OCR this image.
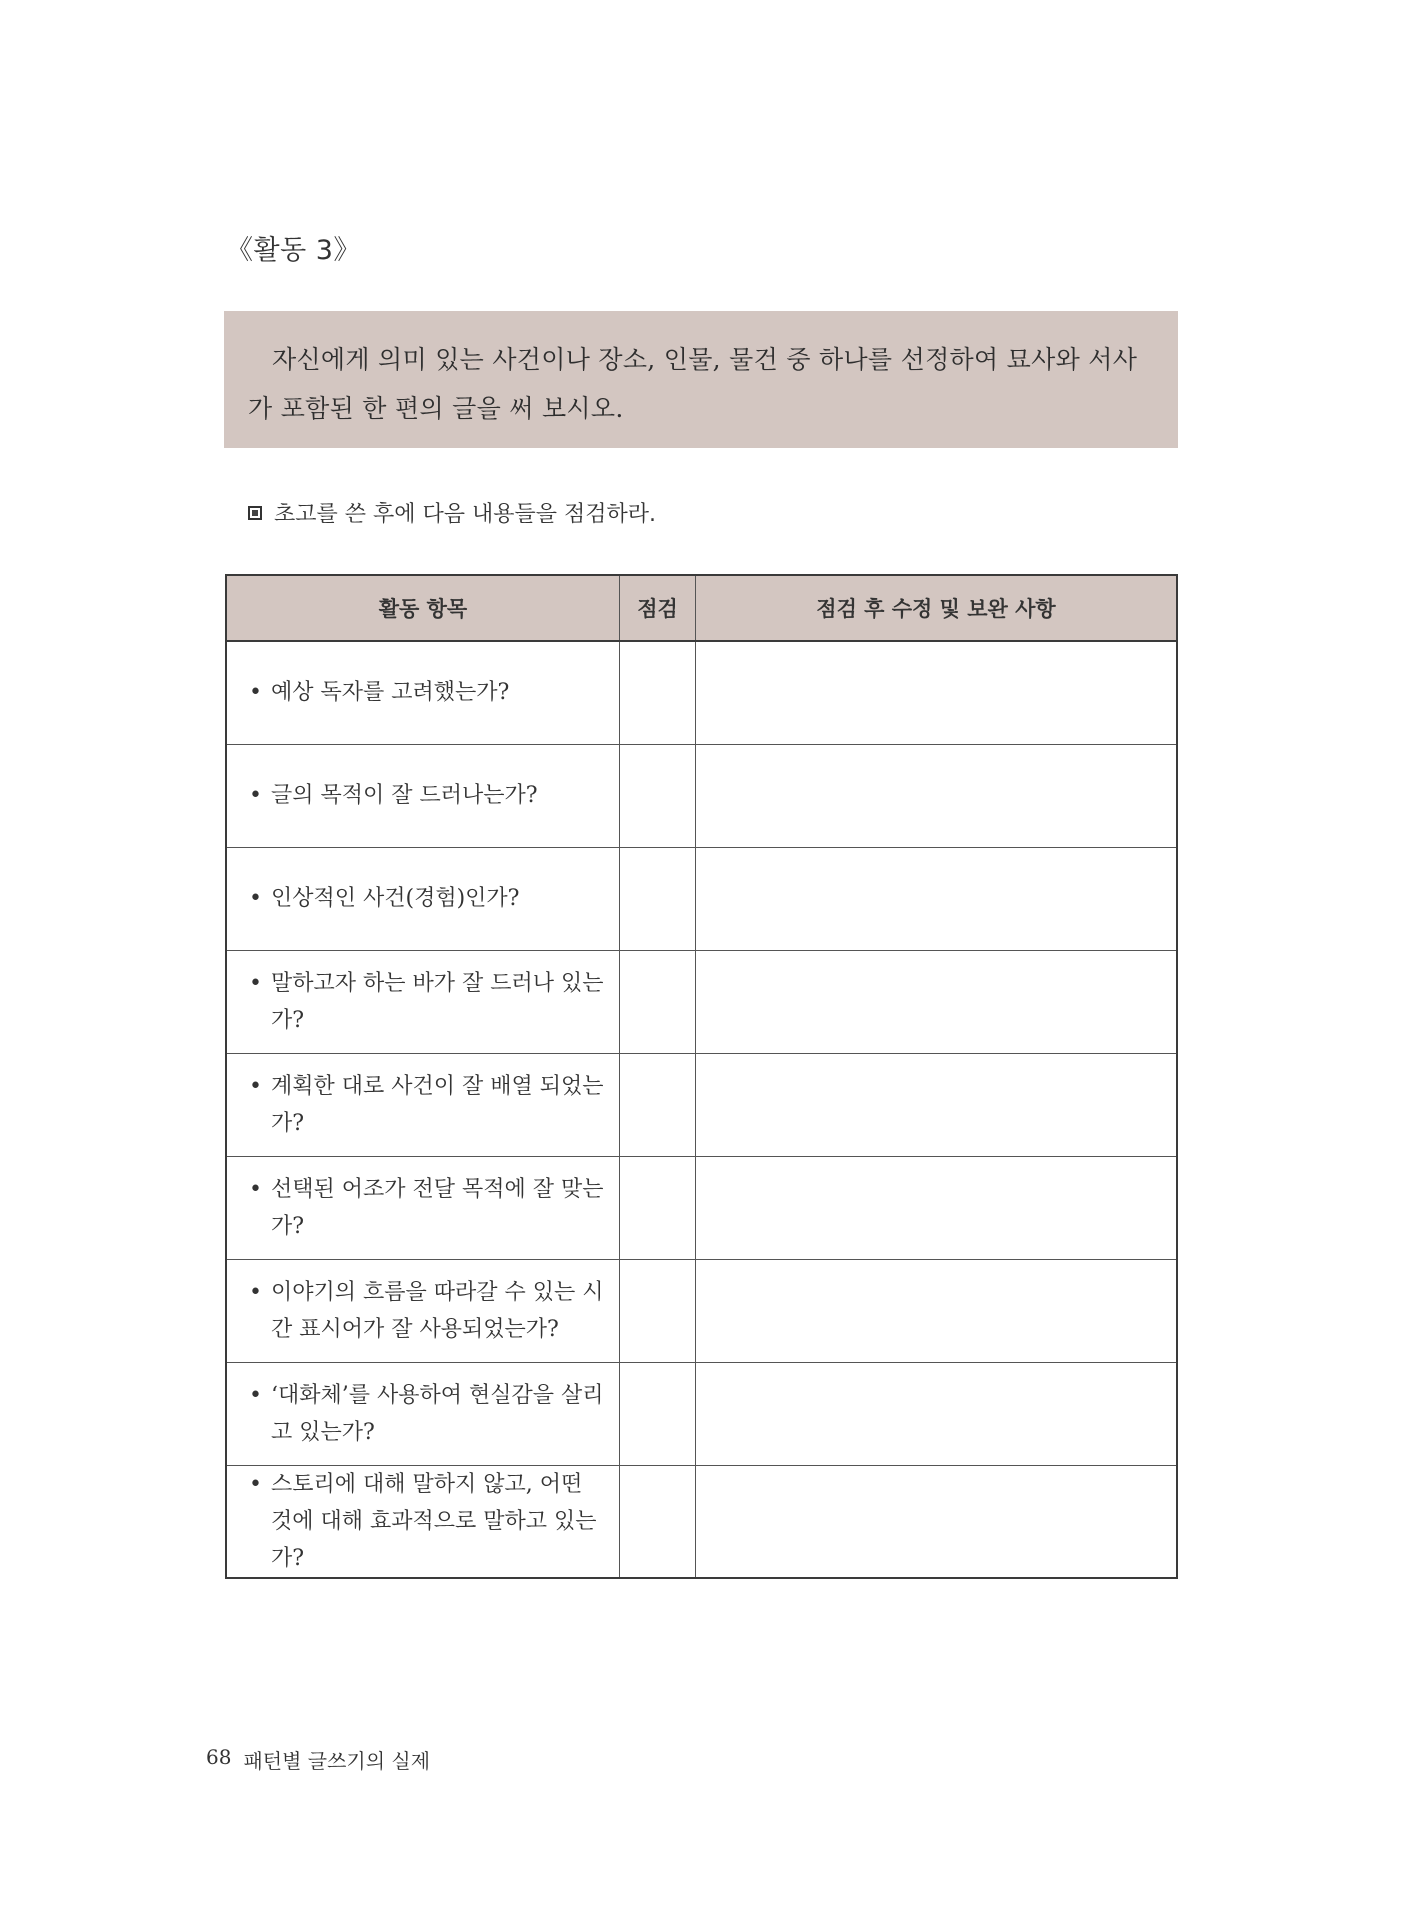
《활동 3》
자신에게 의미 있는 사건이나 장소, 인물, 물건 중 하나를 선정하여 묘사와 서사가 포함된 한 편의 글을 써 보시오.
초고를 쓴 후에 다음 내용들을 점검하라.
활동 항목	점검	점검 후 수정 및 보완 사항

• 예상 독자를 고려했는가?		

• 글의 목적이 잘 드러나는가?		

• 인상적인 사건(경험)인가?		

• 말하고자 하는 바가 잘 드러나 있는가?		

• 계획한 대로 사건이 잘 배열 되었는가?		

• 선택된 어조가 전달 목적에 잘 맞는가?		

• 이야기의 흐름을 따라갈 수 있는 시간 표시어가 잘 사용되었는가?		

• ‘대화체’를 사용하여 현실감을 살리고 있는가?		

• 스토리에 대해 말하지 않고, 어떤 것에 대해 효과적으로 말하고 있는가?		

68 패턴별 글쓰기의 실제
